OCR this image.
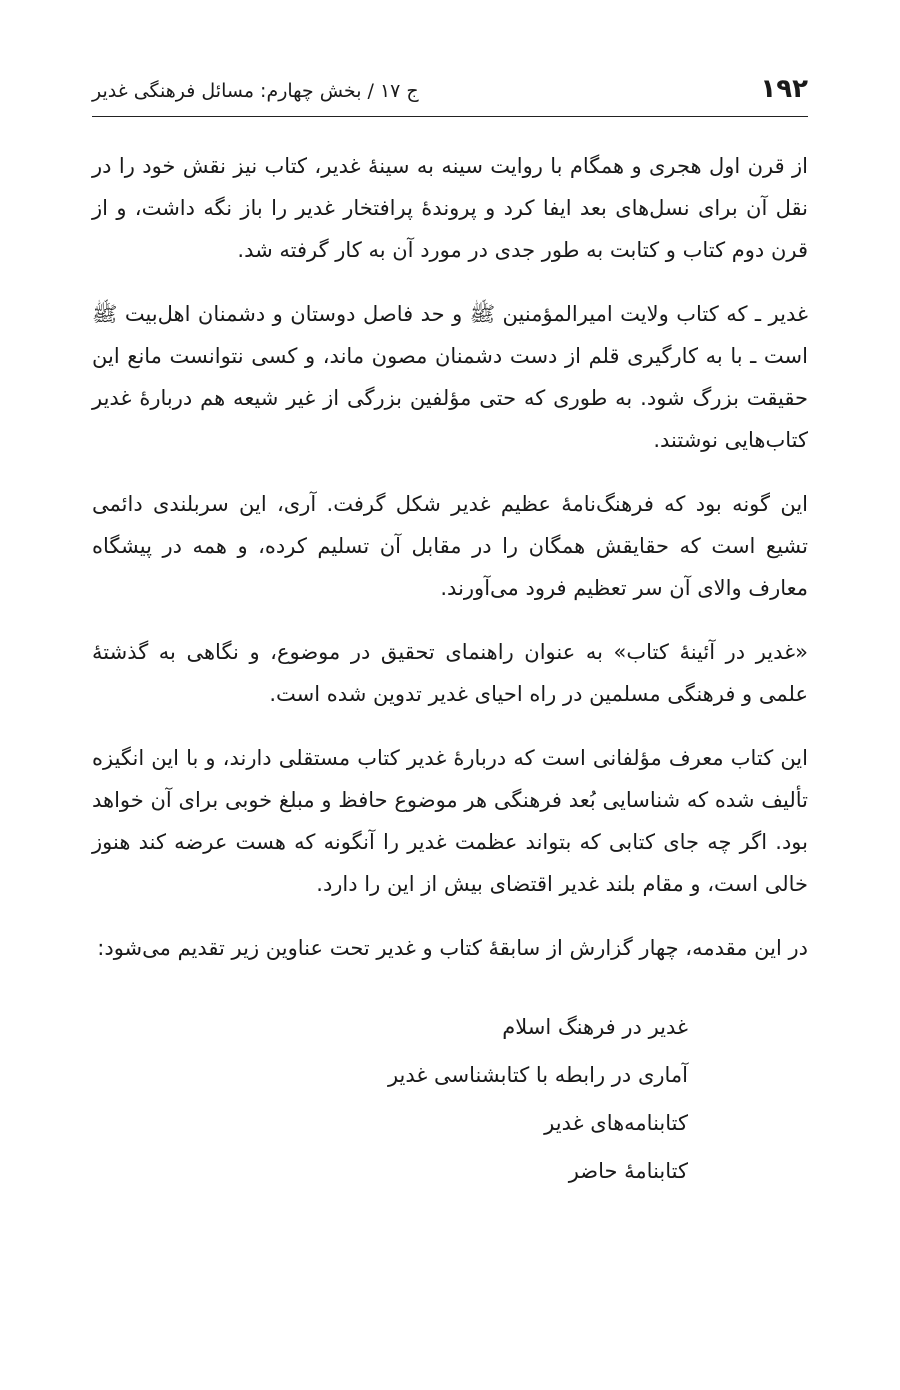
۱۹۲
ج ۱۷ / بخش چهارم: مسائل فرهنگی غدیر

از قرن اول هجری و همگام با روایت سینه به سینهٔ غدیر، کتاب نیز نقش خود را در نقل آن برای نسل‌های بعد ایفا کرد و پروندهٔ پرافتخار غدیر را باز نگه داشت، و از قرن دوم کتاب و کتابت به طور جدی در مورد آن به کار گرفته شد.

غدیر ـ که کتاب ولایت امیرالمؤمنین ﷺ و حد فاصل دوستان و دشمنان اهل‌بیت ﷺ است ـ با به کارگیری قلم از دست دشمنان مصون ماند، و کسی نتوانست مانع این حقیقت بزرگ شود. به طوری که حتی مؤلفین بزرگی از غیر شیعه هم دربارهٔ غدیر کتاب‌هایی نوشتند.

این گونه بود که فرهنگ‌نامهٔ عظیم غدیر شکل گرفت. آری، این سربلندی دائمی تشیع است که حقایقش همگان را در مقابل آن تسلیم کرده، و همه در پیشگاه معارف والای آن سر تعظیم فرود می‌آورند.

«غدیر در آئینهٔ کتاب» به عنوان راهنمای تحقیق در موضوع، و نگاهی به گذشتهٔ علمی و فرهنگی مسلمین در راه احیای غدیر تدوین شده است.

این کتاب معرف مؤلفانی است که دربارهٔ غدیر کتاب مستقلی دارند، و با این انگیزه تألیف شده که شناسایی بُعد فرهنگی هر موضوع حافظ و مبلغ خوبی برای آن خواهد بود. اگر چه جای کتابی که بتواند عظمت غدیر را آنگونه که هست عرضه کند هنوز خالی است، و مقام بلند غدیر اقتضای بیش از این را دارد.

در این مقدمه، چهار گزارش از سابقهٔ کتاب و غدیر تحت عناوین زیر تقدیم می‌شود:

غدیر در فرهنگ اسلام
آماری در رابطه با کتابشناسی غدیر
کتابنامه‌های غدیر
کتابنامهٔ حاضر
